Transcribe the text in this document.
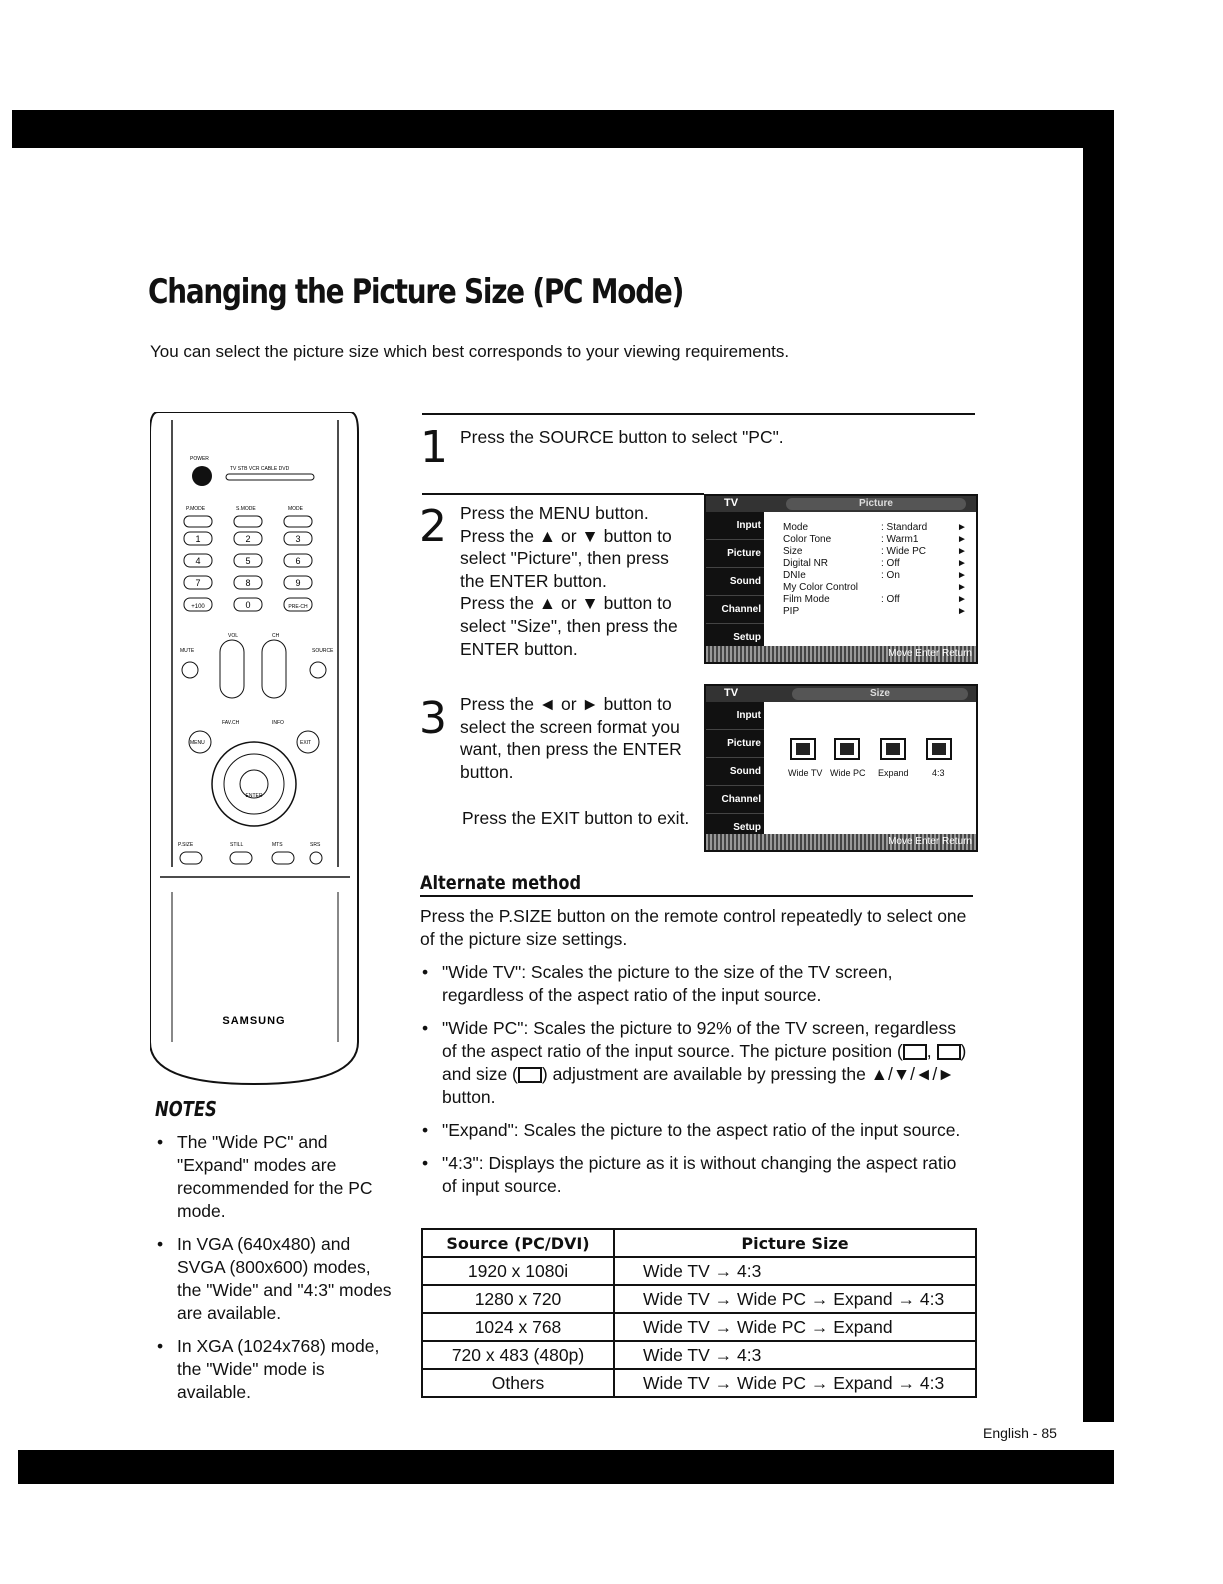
Changing the Picture Size (PC Mode)
You can select the picture size which best corresponds to your viewing requirements.
POWER
TV STB VCR CABLE DVD
P.MODE	S.MODE	MODE
1	2	3
4	5	6
7	8	9
+100	0	PRE-CH
VOL	CH
MUTE	SOURCE
FAV.CH	INFO
ENTER
MENU	EXIT
P.SIZE	STILL	MTS	SRS
SAMSUNG
1 Press the SOURCE button to select "PC".
2 Press the MENU button.
Press the ▲ or ▼ button to
select "Picture", then press
the ENTER button.
Press the ▲ or ▼ button to
select "Size", then press the
ENTER button.
TV	Picture
Input
Picture
Sound
Channel
Setup
Mode	: Standard	►
Color Tone	: Warm1	►
Size	: Wide PC	►
Digital NR	: Off	►
DNIe	: On	►
My Color Control	►
Film Mode	: Off	►
PIP	►
Move Enter Return
3 Press the ◄ or ► button to
select the screen format you
want, then press the ENTER
button.
Press the EXIT button to exit.
TV	Size
Input
Picture
Sound
Channel
Setup
Wide TV Wide PC Expand	4:3
Move Enter Return
Alternate method
Press the P.SIZE button on the remote control repeatedly to select one of the picture size settings.
• "Wide TV": Scales the picture to the size of the TV screen, regardless of the aspect ratio of the input source.
• "Wide PC": Scales the picture to 92% of the TV screen, regardless of the aspect ratio of the input source. The picture position ( , ) and size ( ) adjustment are available by pressing the ▲/▼/◄/► button.
• "Expand": Scales the picture to the aspect ratio of the input source.
• "4:3": Displays the picture as it is without changing the aspect ratio of input source.
Source (PC/DVI)	Picture Size
1920 x 1080i	Wide TV → 4:3
1280 x 720	Wide TV → Wide PC → Expand → 4:3
1024 x 768	Wide TV → Wide PC → Expand
720 x 483 (480p)	Wide TV → 4:3
Others	Wide TV → Wide PC → Expand → 4:3
NOTES
• The "Wide PC" and "Expand" modes are recommended for the PC mode.
• In VGA (640x480) and SVGA (800x600) modes, the "Wide" and "4:3" modes are available.
• In XGA (1024x768) mode, the "Wide" mode is available.
English - 85
